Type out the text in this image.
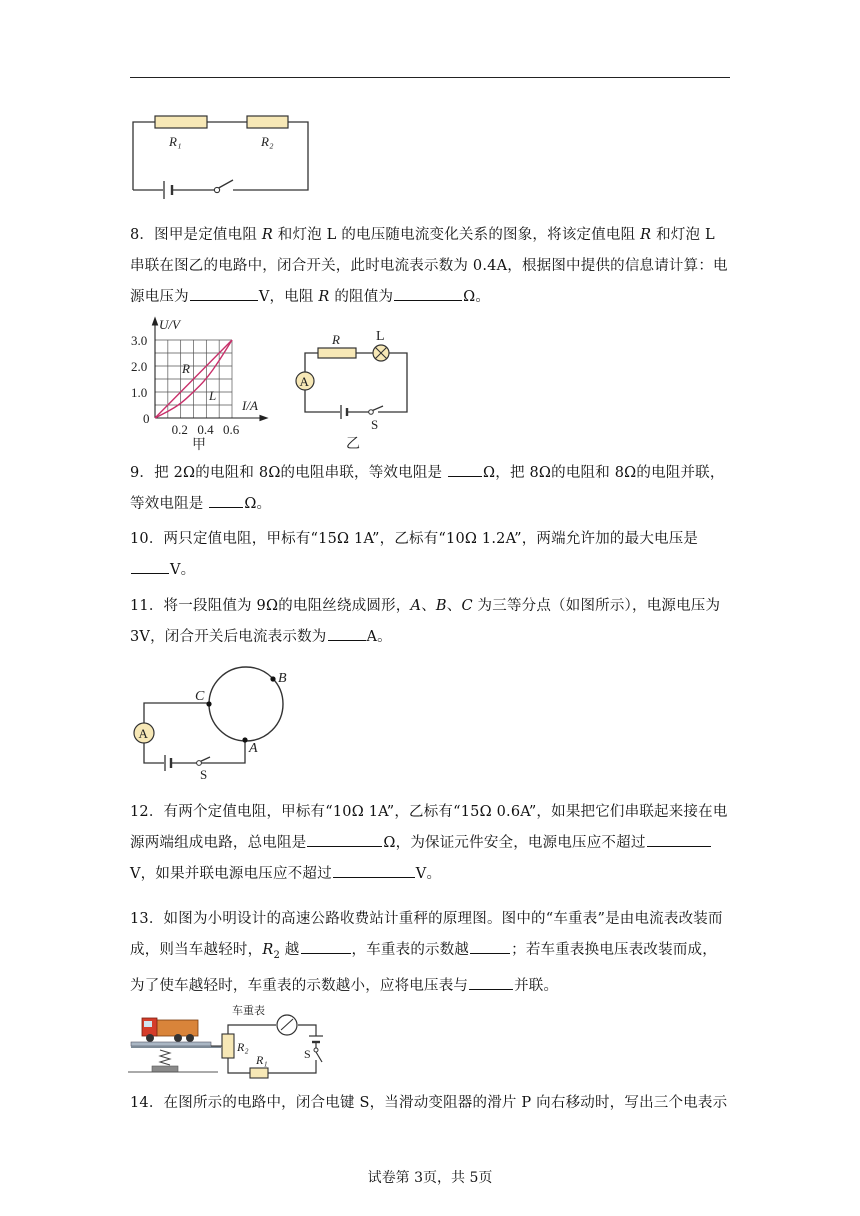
R₁	R₂
8．图甲是定值电阻 R 和灯泡 L 的电压随电流变化关系的图象，将该定值电阻 R 和灯泡 L 串联在图乙的电路中，闭合开关，此时电流表示数为 0.4A，根据图中提供的信息请计算：电源电压为	V，电阻 R 的阻值为	Ω。
3.0
2.0
1.0
0
0.2 0.4 0.6
U/V
I/A
R
L
甲
A
R	L
S
乙
9．把 2Ω的电阻和 8Ω的电阻串联，等效电阻是 Ω，把 8Ω的电阻和 8Ω的电阻并联，等效电阻是 Ω。
10．两只定值电阻，甲标有“15Ω 1A”，乙标有“10Ω 1.2A”，两端允许加的最大电压是V。
11．将一段阻值为 9Ω的电阻丝绕成圆形，A、B、C 为三等分点（如图所示），电源电压为 3V，闭合开关后电流表示数为	A。
A
C
B
A
S
12．有两个定值电阻，甲标有“10Ω 1A”，乙标有“15Ω 0.6A”，如果把它们串联起来接在电源两端组成电路，总电阻是	Ω，为保证元件安全，电源电压应不超过V，如果并联电源电压应不超过	V。
13．如图为小明设计的高速公路收费站计重秤的原理图。图中的“车重表”是由电流表改装而成，则当车越轻时，$R_2$ 越	，车重表的示数越	；若车重表换电压表改装而成，为了使车越轻时，车重表的示数越小，应将电压表与	并联。
车重表
R₂
R₁	S
14．在图所示的电路中，闭合电键 S，当滑动变阻器的滑片 P 向右移动时，写出三个电表示
试卷第 3页，共 5页
